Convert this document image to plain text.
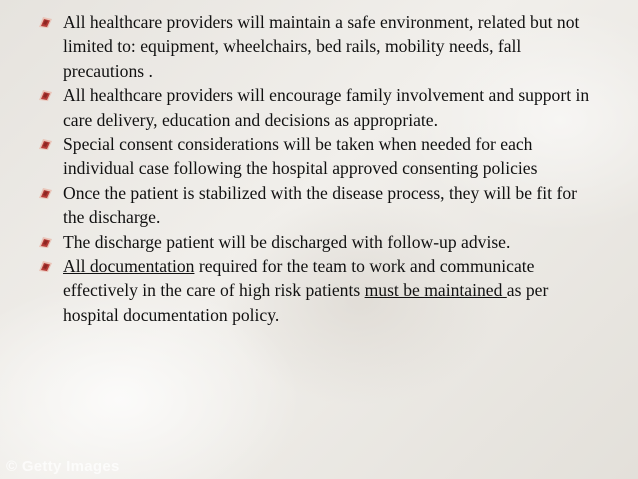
All healthcare providers will maintain a safe environment, related but not limited to: equipment, wheelchairs, bed rails, mobility needs, fall precautions .
All healthcare providers will encourage family involvement and support in care delivery, education and decisions as appropriate.
Special consent considerations will be taken when needed for each individual case following the hospital approved consenting policies
Once the patient is stabilized with the disease process, they will be fit for the discharge.
The discharge patient will be discharged with follow-up advise.
All documentation required for the team to work and communicate effectively in the care of high risk patients must be maintained as per hospital documentation policy.
© Getty Images
